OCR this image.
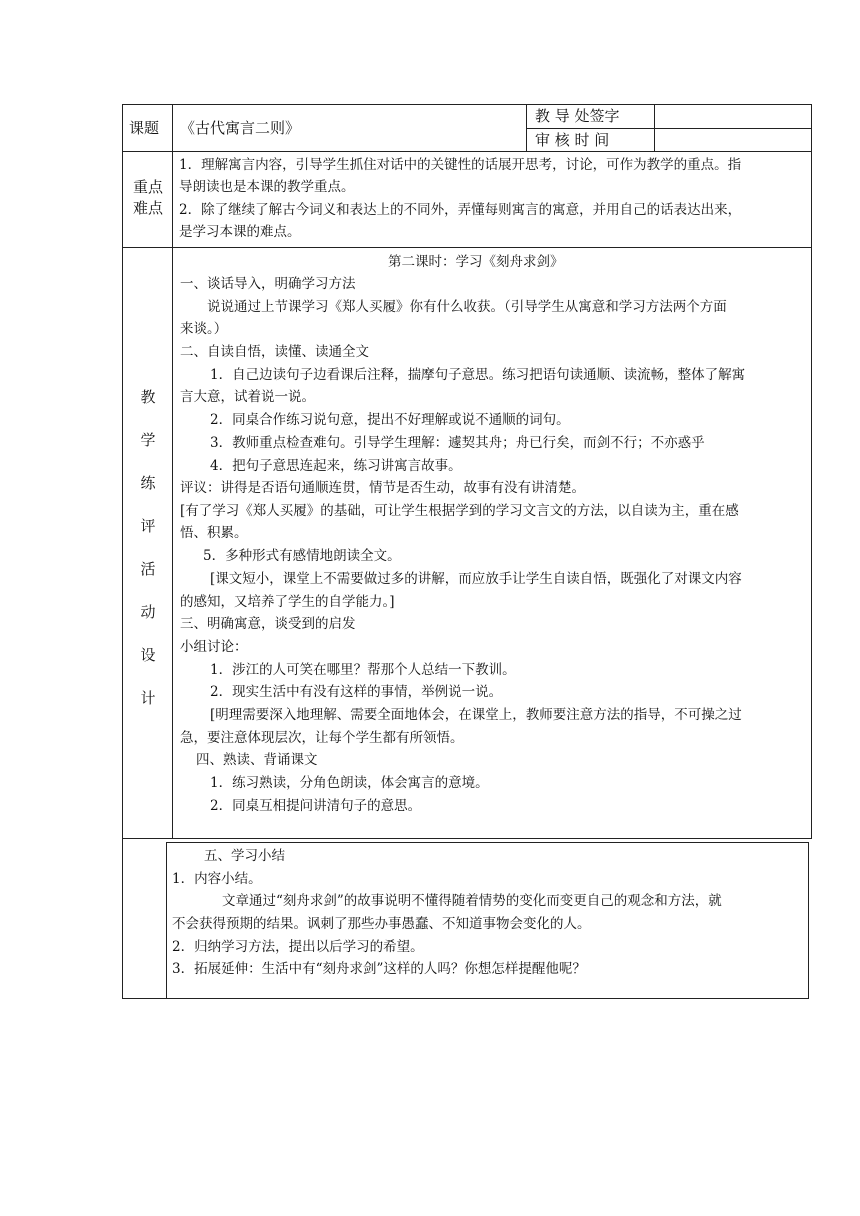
课题 《古代寓言二则》
教 导 处签字
审 核 时 间
重点
难点
1．理解寓言内容，引导学生抓住对话中的关键性的话展开思考，讨论，可作为教学的重点。指
导朗读也是本课的教学重点。
2．除了继续了解古今词义和表达上的不同外，弄懂每则寓言的寓意，并用自己的话表达出来，
是学习本课的难点。
教
学
练
评
活
动
设
计
第二课时：学习《刻舟求剑》
一、谈话导入，明确学习方法
说说通过上节课学习《郑人买履》你有什么收获。（引导学生从寓意和学习方法两个方面
来谈。）
二、自读自悟，读懂、读通全文
1．自己边读句子边看课后注释，揣摩句子意思。练习把语句读通顺、读流畅，整体了解寓
言大意，试着说一说。
2．同桌合作练习说句意，提出不好理解或说不通顺的词句。
3．教师重点检查难句。引导学生理解：遽契其舟；舟已行矣，而剑不行；不亦惑乎
4．把句子意思连起来，练习讲寓言故事。
评议：讲得是否语句通顺连贯，情节是否生动，故事有没有讲清楚。
[有了学习《郑人买履》的基础，可让学生根据学到的学习文言文的方法，以自读为主，重在感
悟、积累。
5．多种形式有感情地朗读全文。
[课文短小，课堂上不需要做过多的讲解，而应放手让学生自读自悟，既强化了对课文内容
的感知，又培养了学生的自学能力。]
三、明确寓意，谈受到的启发
小组讨论：
1．涉江的人可笑在哪里？帮那个人总结一下教训。
2．现实生活中有没有这样的事情，举例说一说。
[明理需要深入地理解、需要全面地体会，在课堂上，教师要注意方法的指导，不可操之过
急，要注意体现层次，让每个学生都有所领悟。
四、熟读、背诵课文
1．练习熟读，分角色朗读，体会寓言的意境。
2．同桌互相提问讲清句子的意思。
五、学习小结
1．内容小结。
文章通过“刻舟求剑”的故事说明不懂得随着情势的变化而变更自己的观念和方法，就
不会获得预期的结果。讽刺了那些办事愚蠢、不知道事物会变化的人。
2．归纳学习方法，提出以后学习的希望。
3．拓展延伸：生活中有“刻舟求剑”这样的人吗？你想怎样提醒他呢？
